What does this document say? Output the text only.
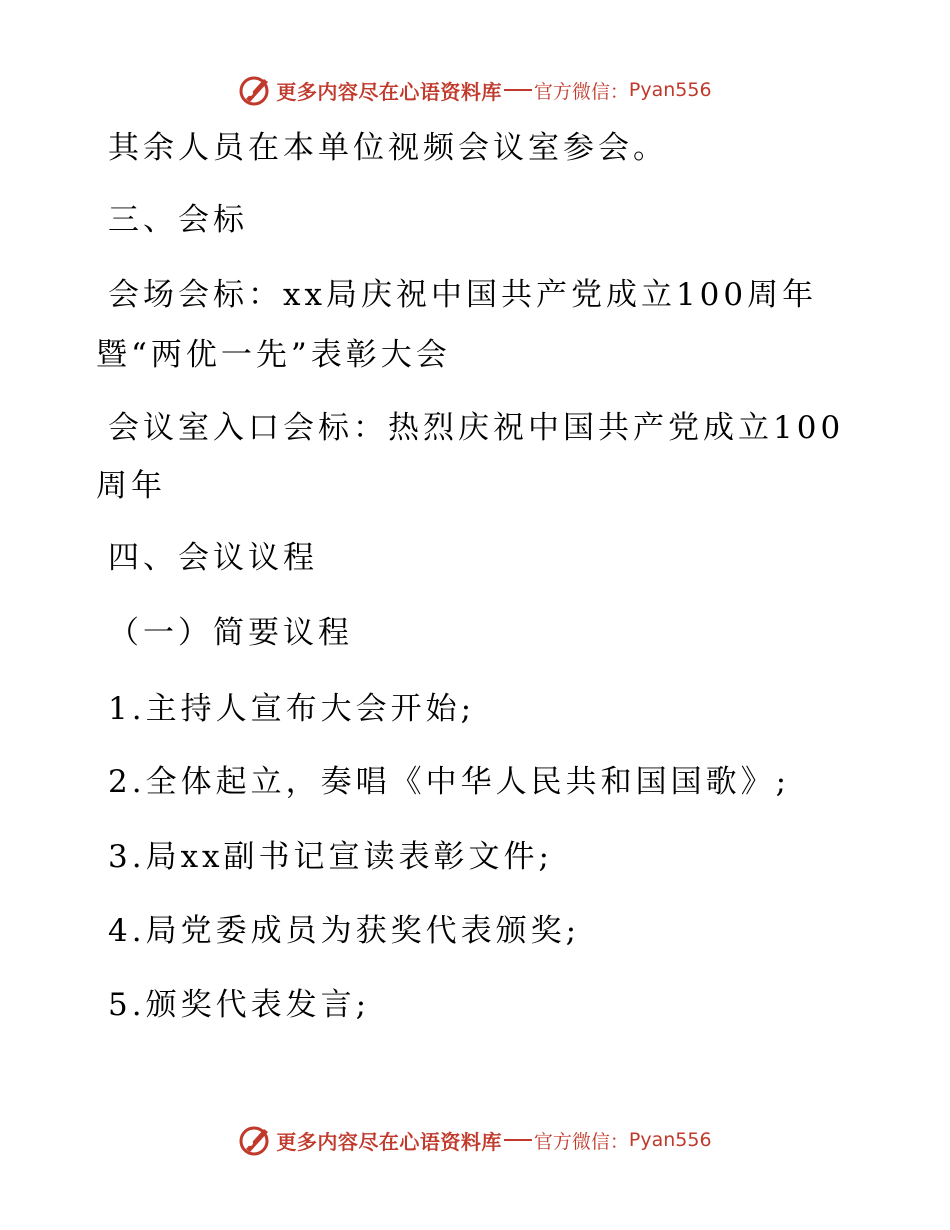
更多内容尽在心语资料库 官方微信： Pyan556
其余人员在本单位视频会议室参会。
三、会标
会场会标：xx局庆祝中国共产党成立100周年
暨“两优一先”表彰大会
会议室入口会标：热烈庆祝中国共产党成立100
周年
四、会议议程
（一）简要议程
1.主持人宣布大会开始;
2.全体起立，奏唱《中华人民共和国国歌》;
3.局xx副书记宣读表彰文件;
4.局党委成员为获奖代表颁奖;
5.颁奖代表发言;
更多内容尽在心语资料库 官方微信： Pyan556
